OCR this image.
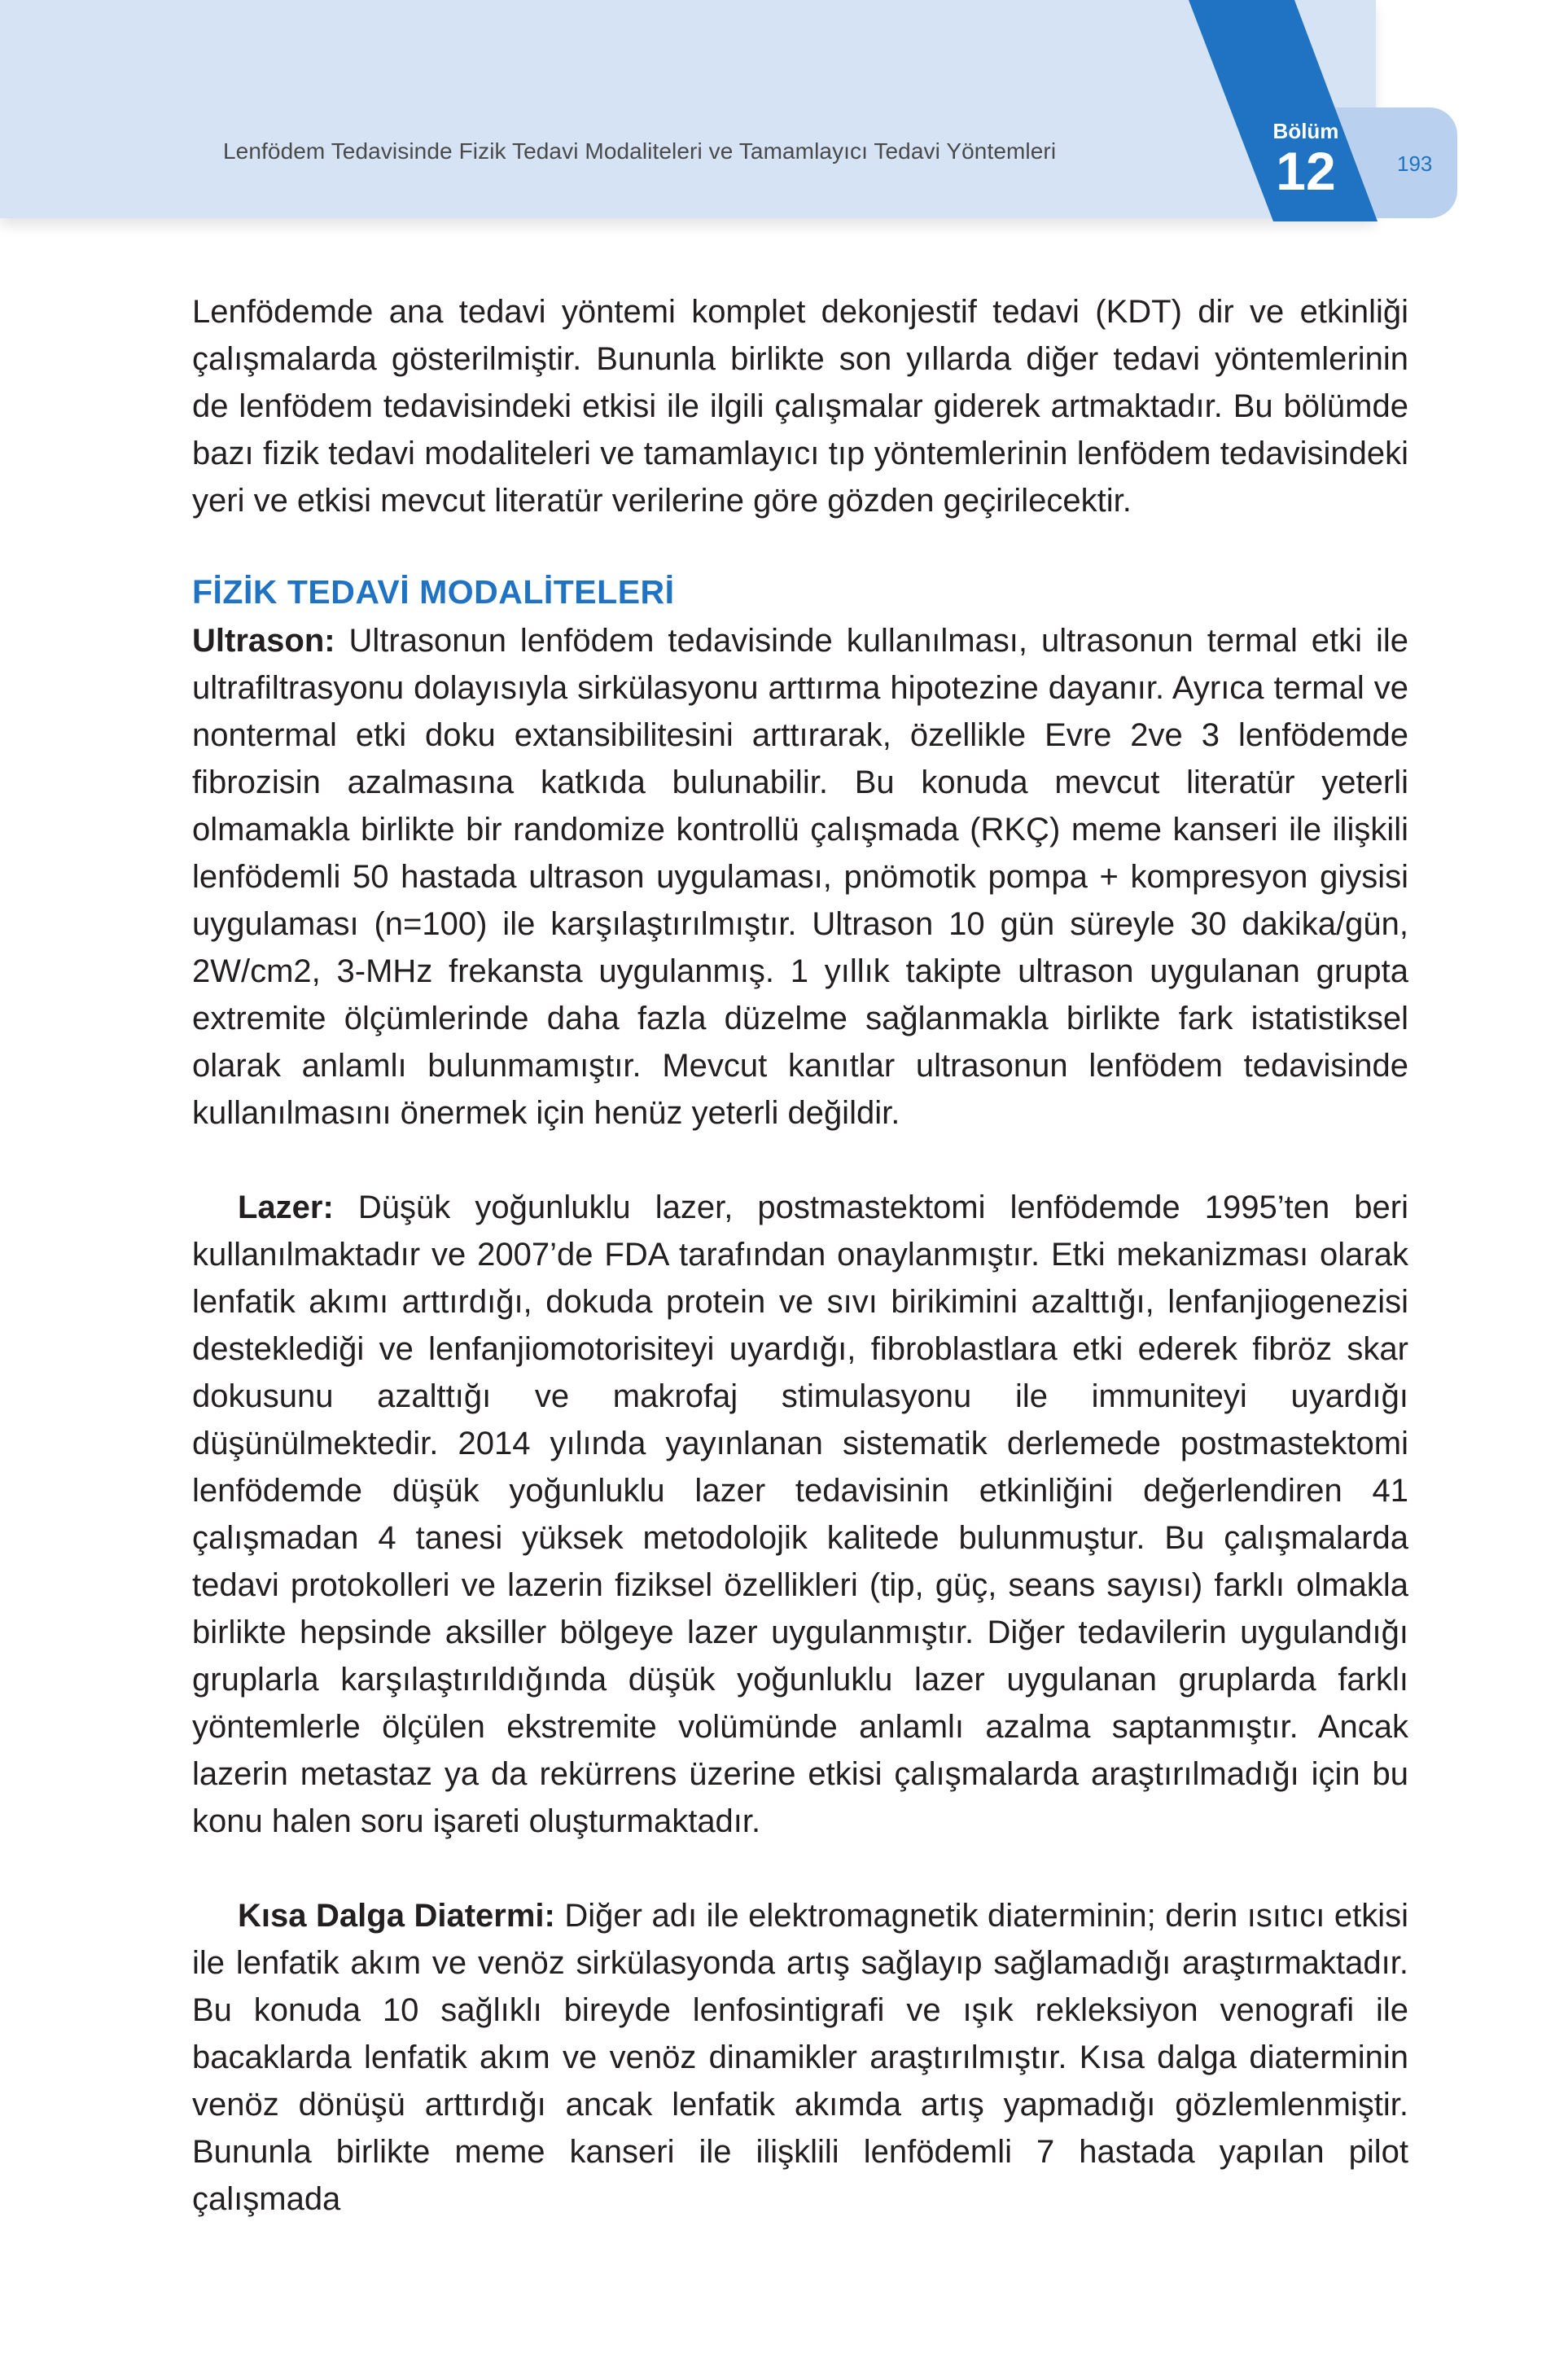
Lenfödem Tedavisinde Fizik Tedavi Modaliteleri ve Tamamlayıcı Tedavi Yöntemleri	193
Bölüm
12

Lenfödemde ana tedavi yöntemi komplet dekonjestif tedavi (KDT) dir ve etkinliği çalışmalarda gösterilmiştir. Bununla birlikte son yıllarda diğer tedavi yöntemlerinin de lenfödem tedavisindeki etkisi ile ilgili çalışmalar giderek artmaktadır. Bu bölümde bazı fizik tedavi modaliteleri ve tamamlayıcı tıp yöntemlerinin lenfödem tedavisindeki yeri ve etkisi mevcut literatür verilerine göre gözden geçirilecektir.

FİZİK TEDAVİ MODALİTELERİ

Ultrason: Ultrasonun lenfödem tedavisinde kullanılması, ultrasonun termal etki ile ultrafiltrasyonu dolayısıyla sirkülasyonu arttırma hipotezine dayanır. Ayrıca termal ve nontermal etki doku extansibilitesini arttırarak, özellikle Evre 2ve 3 lenfödemde fibrozisin azalmasına katkıda bulunabilir. Bu konuda mevcut literatür yeterli olmamakla birlikte bir randomize kontrollü çalışmada (RKÇ) meme kanseri ile ilişkili lenfödemli 50 hastada ultrason uygulaması, pnömotik pompa + kompresyon giysisi uygulaması (n=100) ile karşılaştırılmıştır. Ultrason 10 gün süreyle 30 dakika/gün, 2W/cm2, 3-MHz frekansta uygulanmış. 1 yıllık takipte ultrason uygulanan grupta extremite ölçümlerinde daha fazla düzelme sağlanmakla birlikte fark istatistiksel olarak anlamlı bulunmamıştır. Mevcut kanıtlar ultrasonun lenfödem tedavisinde kullanılmasını önermek için henüz yeterli değildir.

Lazer: Düşük yoğunluklu lazer, postmastektomi lenfödemde 1995’ten beri kullanılmaktadır ve 2007’de FDA tarafından onaylanmıştır. Etki mekanizması olarak lenfatik akımı arttırdığı, dokuda protein ve sıvı birikimini azalttığı, lenfanjiogenezisi desteklediği ve lenfanjiomotorisiteyi uyardığı, fibroblastlara etki ederek fibröz skar dokusunu azalttığı ve makrofaj stimulasyonu ile immuniteyi uyardığı düşünülmektedir. 2014 yılında yayınlanan sistematik derlemede postmastektomi lenfödemde düşük yoğunluklu lazer tedavisinin etkinliğini değerlendiren 41 çalışmadan 4 tanesi yüksek metodolojik kalitede bulunmuştur. Bu çalışmalarda tedavi protokolleri ve lazerin fiziksel özellikleri (tip, güç, seans sayısı) farklı olmakla birlikte hepsinde aksiller bölgeye lazer uygulanmıştır. Diğer tedavilerin uygulandığı gruplarla karşılaştırıldığında düşük yoğunluklu lazer uygulanan gruplarda farklı yöntemlerle ölçülen ekstremite volümünde anlamlı azalma saptanmıştır. Ancak lazerin metastaz ya da rekürrens üzerine etkisi çalışmalarda araştırılmadığı için bu konu halen soru işareti oluşturmaktadır.

Kısa Dalga Diatermi: Diğer adı ile elektromagnetik diaterminin; derin ısıtıcı etkisi ile lenfatik akım ve venöz sirkülasyonda artış sağlayıp sağlamadığı araştırmaktadır. Bu konuda 10 sağlıklı bireyde lenfosintigrafi ve ışık rekleksiyon venografi ile bacaklarda lenfatik akım ve venöz dinamikler araştırılmıştır. Kısa dalga diaterminin venöz dönüşü arttırdığı ancak lenfatik akımda artış yapmadığı gözlemlenmiştir. Bununla birlikte meme kanseri ile ilişklili lenfödemli 7 hastada yapılan pilot çalışmada
